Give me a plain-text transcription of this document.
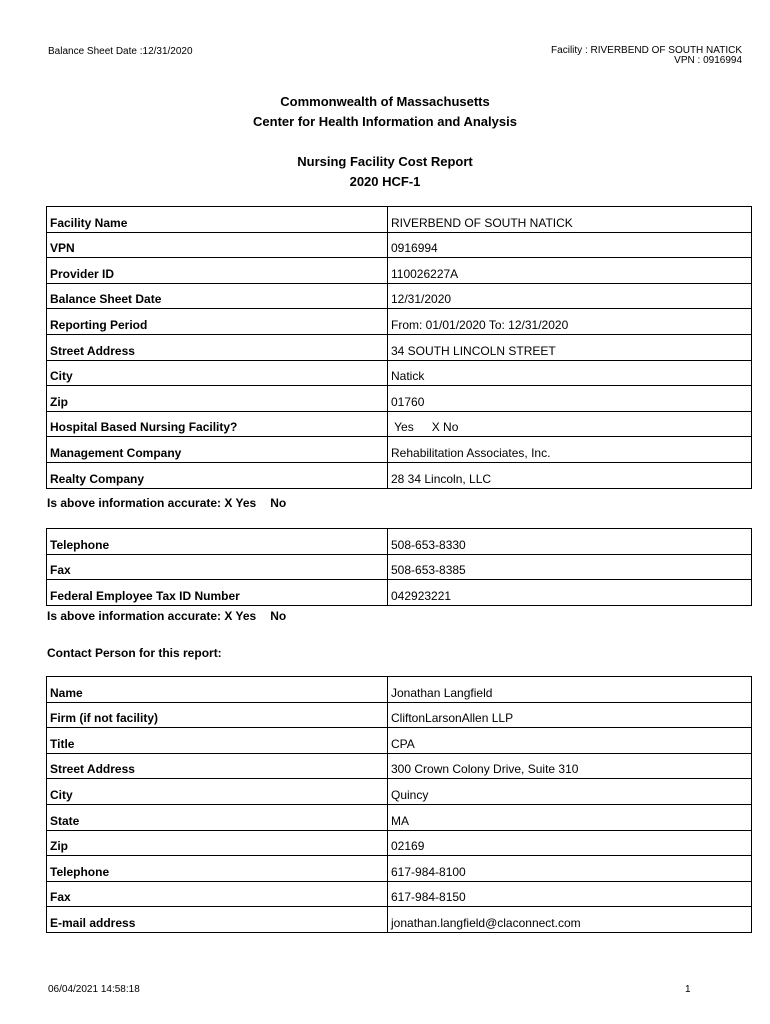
Balance Sheet Date :12/31/2020	Facility : RIVERBEND OF SOUTH NATICK
VPN : 0916994
Commonwealth of Massachusetts
Center for Health Information and Analysis
Nursing Facility Cost Report
2020 HCF-1
Facility Name	RIVERBEND OF SOUTH NATICK
VPN	0916994
Provider ID	110026227A
Balance Sheet Date	12/31/2020
Reporting Period	From: 01/01/2020 To: 12/31/2020
Street Address	34 SOUTH LINCOLN STREET
City	Natick
Zip	01760
Hospital Based Nursing Facility?	Yes X No
Management Company	Rehabilitation Associates, Inc.
Realty Company	28 34 Lincoln, LLC
Is above information accurate: X Yes No
Telephone	508-653-8330
Fax	508-653-8385
Federal Employee Tax ID Number	042923221
Is above information accurate: X Yes No
Contact Person for this report:
Name	Jonathan Langfield
Firm (if not facility)	CliftonLarsonAllen LLP
Title	CPA
Street Address	300 Crown Colony Drive, Suite 310
City	Quincy
State	MA
Zip	02169
Telephone	617-984-8100
Fax	617-984-8150
E-mail address	jonathan.langfield@claconnect.com
06/04/2021 14:58:18	1
